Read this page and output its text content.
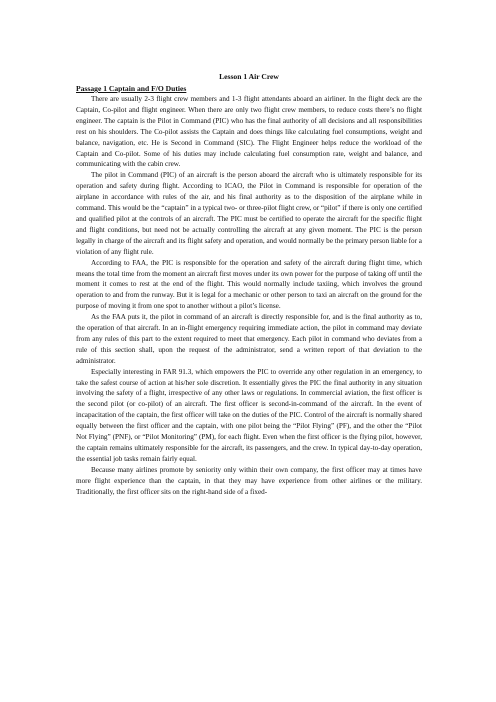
Lesson 1 Air Crew
Passage 1 Captain and F/O Duties

There are usually 2-3 flight crew members and 1-3 flight attendants aboard an airliner. In the flight deck are the Captain, Co-pilot and flight engineer. When there are only two flight crew members, to reduce costs there’s no flight engineer. The captain is the Pilot in Command (PIC) who has the final authority of all decisions and all responsibilities rest on his shoulders. The Co-pilot assists the Captain and does things like calculating fuel consumptions, weight and balance, navigation, etc. He is Second in Command (SIC). The Flight Engineer helps reduce the workload of the Captain and Co-pilot. Some of his duties may include calculating fuel consumption rate, weight and balance, and communicating with the cabin crew.

The pilot in Command (PIC) of an aircraft is the person aboard the aircraft who is ultimately responsible for its operation and safety during flight. According to ICAO, the Pilot in Command is responsible for operation of the airplane in accordance with rules of the air, and his final authority as to the disposition of the airplane while in command. This would be the “captain” in a typical two- or three-pilot flight crew, or “pilot” if there is only one certified and qualified pilot at the controls of an aircraft. The PIC must be certified to operate the aircraft for the specific flight and flight conditions, but need not be actually controlling the aircraft at any given moment. The PIC is the person legally in charge of the aircraft and its flight safety and operation, and would normally be the primary person liable for a violation of any flight rule.

According to FAA, the PIC is responsible for the operation and safety of the aircraft during flight time, which means the total time from the moment an aircraft first moves under its own power for the purpose of taking off until the moment it comes to rest at the end of the flight. This would normally include taxiing, which involves the ground operation to and from the runway. But it is legal for a mechanic or other person to taxi an aircraft on the ground for the purpose of moving it from one spot to another without a pilot’s license.

As the FAA puts it, the pilot in command of an aircraft is directly responsible for, and is the final authority as to, the operation of that aircraft. In an in-flight emergency requiring immediate action, the pilot in command may deviate from any rules of this part to the extent required to meet that emergency. Each pilot in command who deviates from a rule of this section shall, upon the request of the administrator, send a written report of that deviation to the administrator.

Especially interesting in FAR 91.3, which empowers the PIC to override any other regulation in an emergency, to take the safest course of action at his/her sole discretion. It essentially gives the PIC the final authority in any situation involving the safety of a flight, irrespective of any other laws or regulations. In commercial aviation, the first officer is the second pilot (or co-pilot) of an aircraft. The first officer is second-in-command of the aircraft. In the event of incapacitation of the captain, the first officer will take on the duties of the PIC. Control of the aircraft is normally shared equally between the first officer and the captain, with one pilot being the “Pilot Flying” (PF), and the other the “Pilot Not Flying” (PNF), or “Pilot Monitoring” (PM), for each flight. Even when the first officer is the flying pilot, however, the captain remains ultimately responsible for the aircraft, its passengers, and the crew. In typical day-to-day operation, the essential job tasks remain fairly equal.

Because many airlines promote by seniority only within their own company, the first officer may at times have more flight experience than the captain, in that they may have experience from other airlines or the military. Traditionally, the first officer sits on the right-hand side of a fixed-
